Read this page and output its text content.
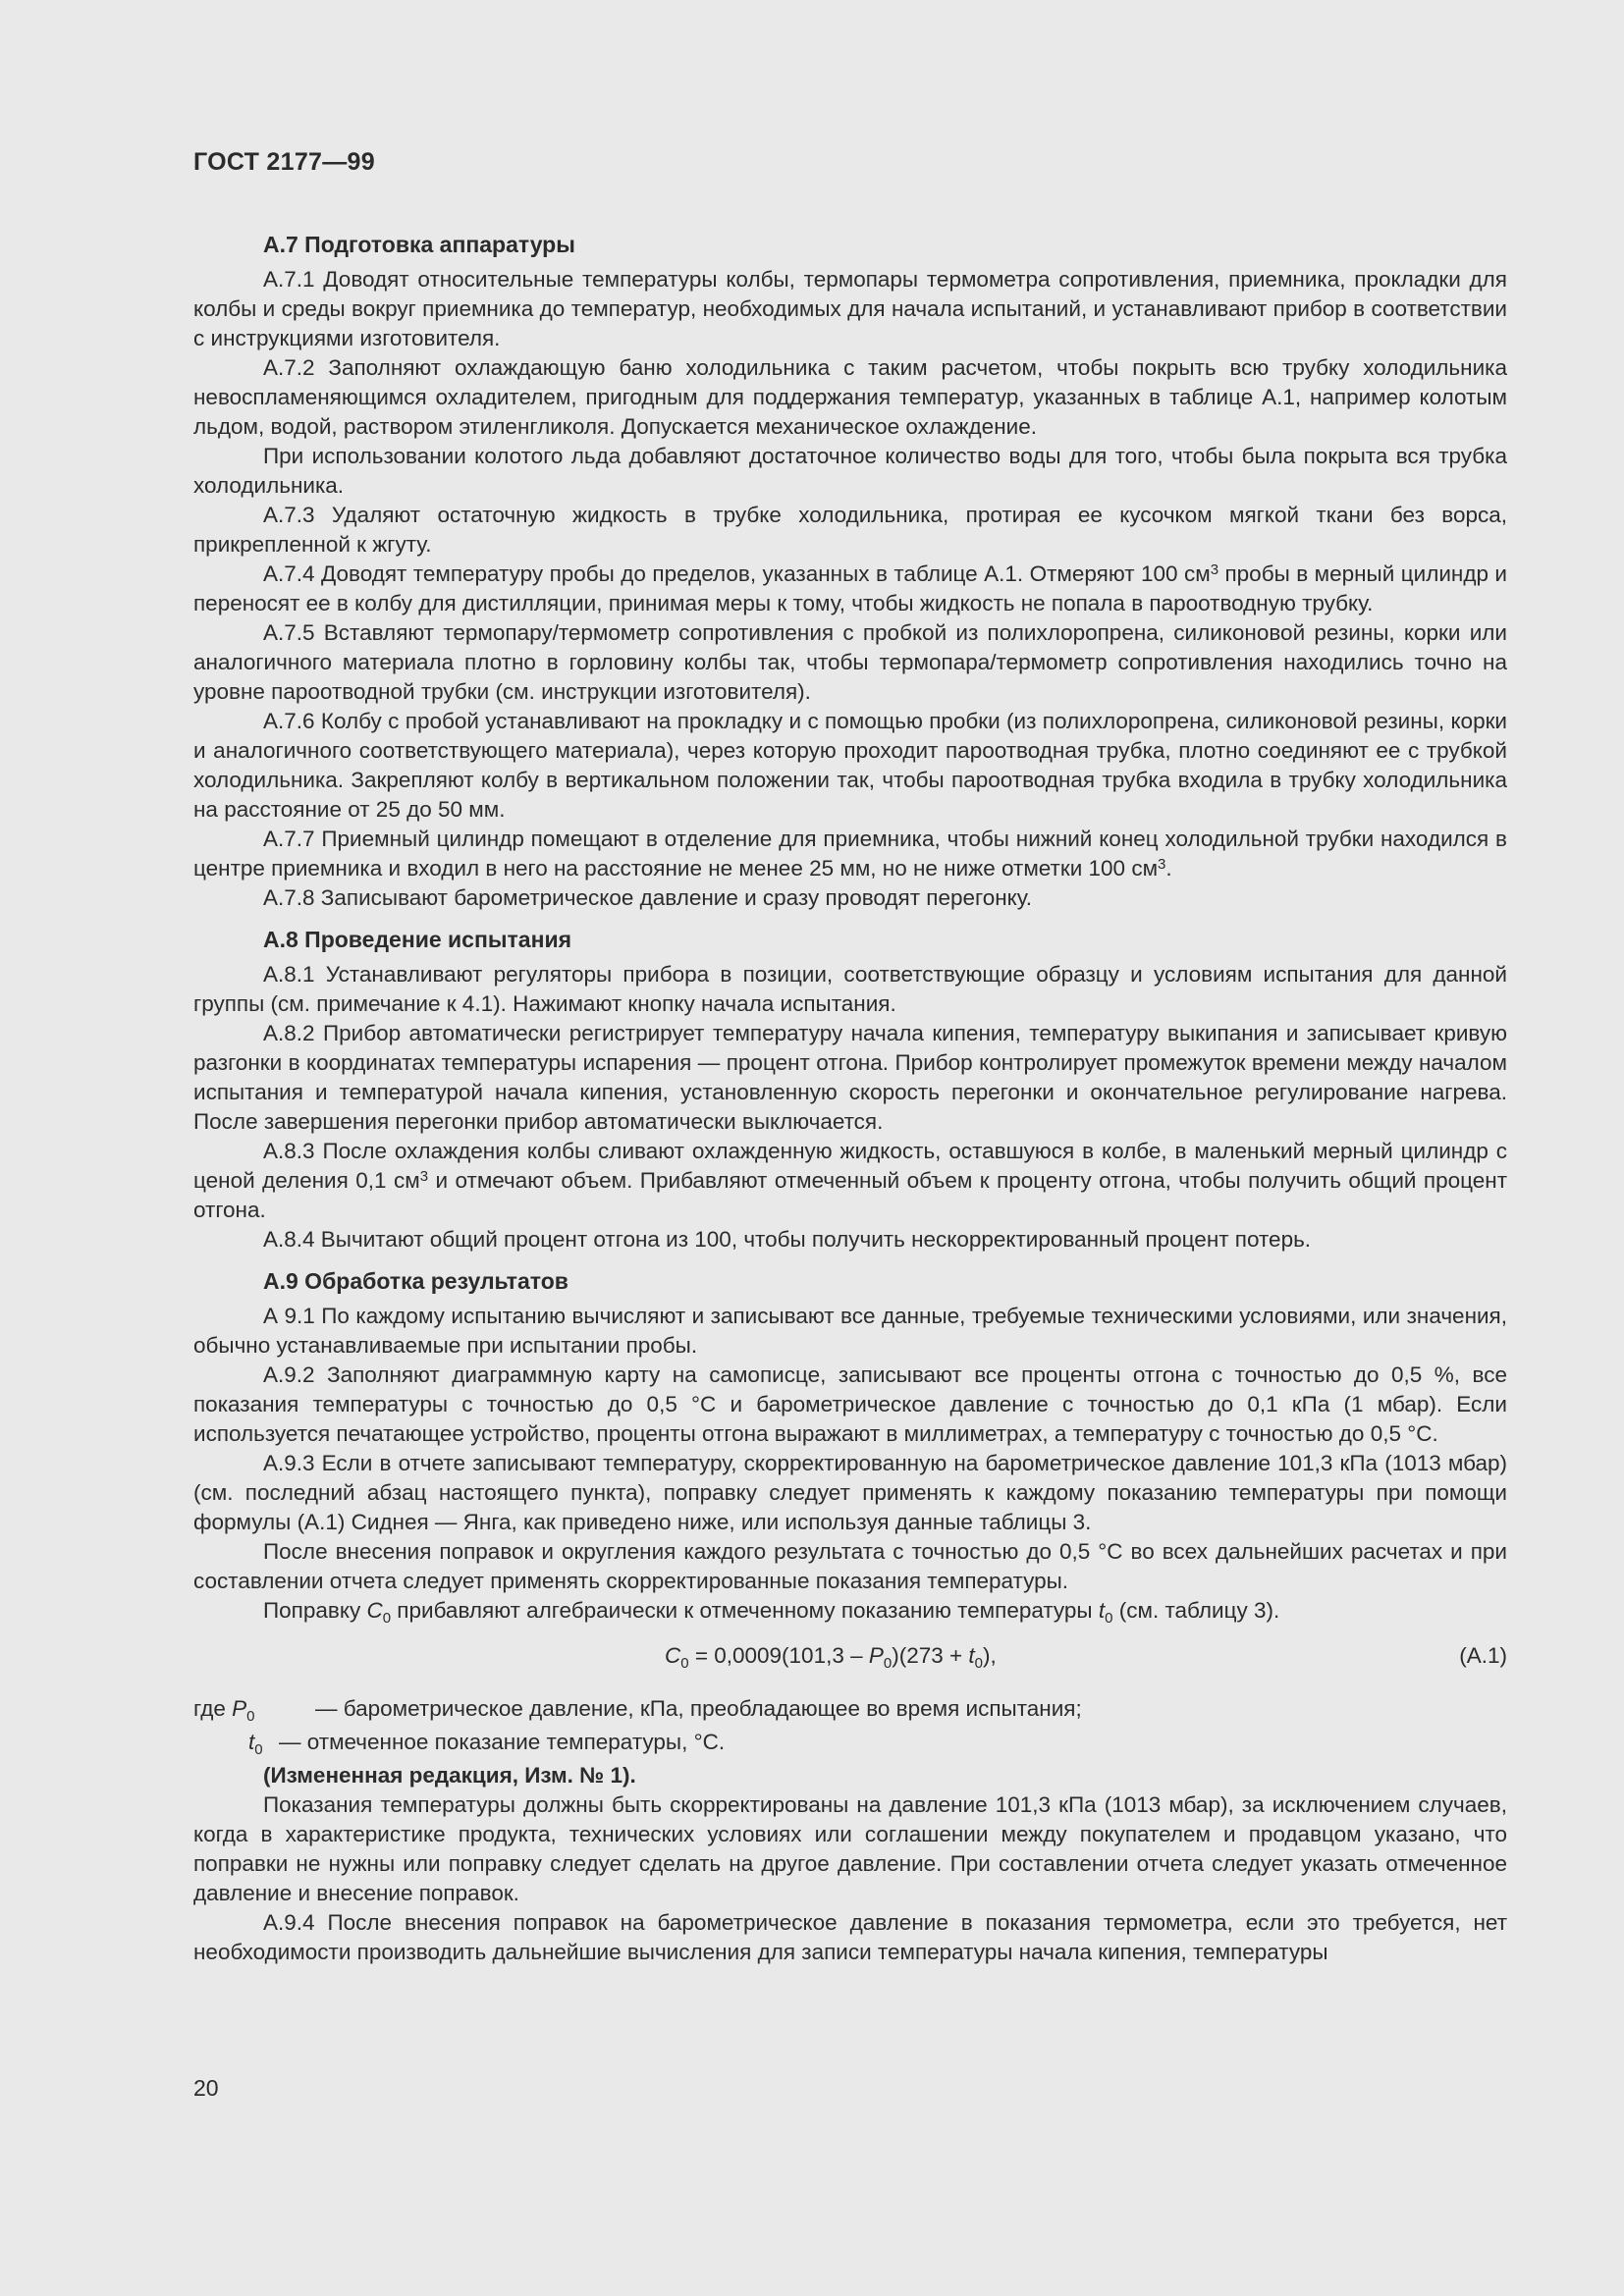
ГОСТ 2177—99
А.7 Подготовка аппаратуры

А.7.1 Доводят относительные температуры колбы, термопары термометра сопротивления, приемника, прокладки для колбы и среды вокруг приемника до температур, необходимых для начала испытаний, и устанавливают прибор в соответствии с инструкциями изготовителя.

А.7.2 Заполняют охлаждающую баню холодильника с таким расчетом, чтобы покрыть всю трубку холодильника невоспламеняющимся охладителем, пригодным для поддержания температур, указанных в таблице А.1, например колотым льдом, водой, раствором этиленгликоля. Допускается механическое охлаждение.

При использовании колотого льда добавляют достаточное количество воды для того, чтобы была покрыта вся трубка холодильника.

А.7.3 Удаляют остаточную жидкость в трубке холодильника, протирая ее кусочком мягкой ткани без ворса, прикрепленной к жгуту.

А.7.4 Доводят температуру пробы до пределов, указанных в таблице А.1. Отмеряют 100 $см^3$ пробы в мерный цилиндр и переносят ее в колбу для дистилляции, принимая меры к тому, чтобы жидкость не попала в пароотводную трубку.

А.7.5 Вставляют термопару/термометр сопротивления с пробкой из полихлоропрена, силиконовой резины, корки или аналогичного материала плотно в горловину колбы так, чтобы термопара/термометр сопротивления находились точно на уровне пароотводной трубки (см. инструкции изготовителя).

А.7.6 Колбу с пробой устанавливают на прокладку и с помощью пробки (из полихлоропрена, силиконовой резины, корки и аналогичного соответствующего материала), через которую проходит пароотводная трубка, плотно соединяют ее с трубкой холодильника. Закрепляют колбу в вертикальном положении так, чтобы пароотводная трубка входила в трубку холодильника на расстояние от 25 до 50 мм.

А.7.7 Приемный цилиндр помещают в отделение для приемника, чтобы нижний конец холодильной трубки находился в центре приемника и входил в него на расстояние не менее 25 мм, но не ниже отметки 100 $см^3$.

А.7.8 Записывают барометрическое давление и сразу проводят перегонку.

А.8 Проведение испытания

А.8.1 Устанавливают регуляторы прибора в позиции, соответствующие образцу и условиям испытания для данной группы (см. примечание к 4.1). Нажимают кнопку начала испытания.

А.8.2 Прибор автоматически регистрирует температуру начала кипения, температуру выкипания и записывает кривую разгонки в координатах температуры испарения — процент отгона. Прибор контролирует промежуток времени между началом испытания и температурой начала кипения, установленную скорость перегонки и окончательное регулирование нагрева. После завершения перегонки прибор автоматически выключается.

А.8.3 После охлаждения колбы сливают охлажденную жидкость, оставшуюся в колбе, в маленький мерный цилиндр с ценой деления 0,1 $см^3$ и отмечают объем. Прибавляют отмеченный объем к проценту отгона, чтобы получить общий процент отгона.

А.8.4 Вычитают общий процент отгона из 100, чтобы получить нескорректированный процент потерь.

А.9 Обработка результатов

А 9.1 По каждому испытанию вычисляют и записывают все данные, требуемые техническими условиями, или значения, обычно устанавливаемые при испытании пробы.

А.9.2 Заполняют диаграммную карту на самописце, записывают все проценты отгона с точностью до 0,5 %, все показания температуры с точностью до 0,5 °С и барометрическое давление с точностью до 0,1 кПа (1 мбар). Если используется печатающее устройство, проценты отгона выражают в миллиметрах, а температуру с точностью до 0,5 °С.

А.9.3 Если в отчете записывают температуру, скорректированную на барометрическое давление 101,3 кПа (1013 мбар) (см. последний абзац настоящего пункта), поправку следует применять к каждому показанию температуры при помощи формулы (А.1) Сиднея — Янга, как приведено ниже, или используя данные таблицы 3.

После внесения поправок и округления каждого результата с точностью до 0,5 °С во всех дальнейших расчетах и при составлении отчета следует применять скорректированные показания температуры.

Поправку $C_0$ прибавляют алгебраически к отмеченному показанию температуры $t_0$ (см. таблицу 3).

$C_0 = 0,0009(101,3 - P_0)(273 + t_0)$,	(А.1)
где $P_0$	— барометрическое давление, кПа, преобладающее во время испытания;
$t_0$ — отмеченное показание температуры, °С.

(Измененная редакция, Изм. № 1).

Показания температуры должны быть скорректированы на давление 101,3 кПа (1013 мбар), за исключением случаев, когда в характеристике продукта, технических условиях или соглашении между покупателем и продавцом указано, что поправки не нужны или поправку следует сделать на другое давление. При составлении отчета следует указать отмеченное давление и внесение поправок.

А.9.4 После внесения поправок на барометрическое давление в показания термометра, если это требуется, нет необходимости производить дальнейшие вычисления для записи температуры начала кипения, температуры

20
